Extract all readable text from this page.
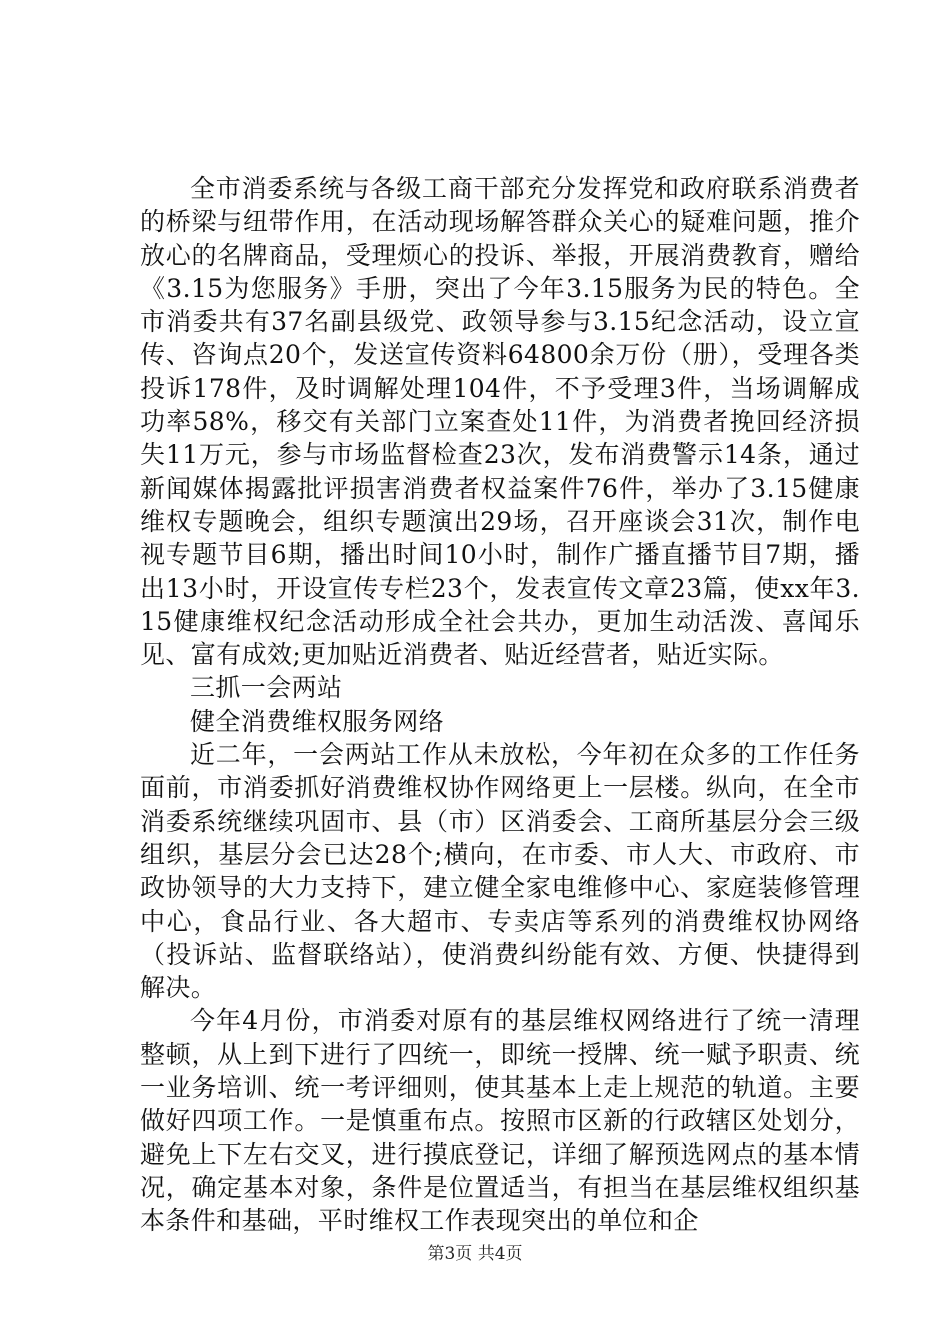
全市消委系统与各级工商干部充分发挥党和政府联系消费者的桥梁与纽带作用，在活动现场解答群众关心的疑难问题，推介放心的名牌商品，受理烦心的投诉、举报，开展消费教育，赠给《3.15为您服务》手册，突出了今年3.15服务为民的特色。全市消委共有37名副县级党、政领导参与3.15纪念活动，设立宣传、咨询点20个，发送宣传资料64800余万份（册），受理各类投诉178件，及时调解处理104件，不予受理3件，当场调解成功率58%，移交有关部门立案查处11件，为消费者挽回经济损失11万元，参与市场监督检查23次，发布消费警示14条，通过新闻媒体揭露批评损害消费者权益案件76件，举办了3.15健康维权专题晚会，组织专题演出29场，召开座谈会31次，制作电视专题节目6期，播出时间10小时，制作广播直播节目7期，播出13小时，开设宣传专栏23个，发表宣传文章23篇，使xx年3.15健康维权纪念活动形成全社会共办，更加生动活泼、喜闻乐见、富有成效;更加贴近消费者、贴近经营者，贴近实际。

三抓一会两站

健全消费维权服务网络

近二年，一会两站工作从未放松，今年初在众多的工作任务面前，市消委抓好消费维权协作网络更上一层楼。纵向，在全市消委系统继续巩固市、县（市）区消委会、工商所基层分会三级组织，基层分会已达28个;横向，在市委、市人大、市政府、市政协领导的大力支持下，建立健全家电维修中心、家庭装修管理中心，食品行业、各大超市、专卖店等系列的消费维权协网络（投诉站、监督联络站），使消费纠纷能有效、方便、快捷得到解决。

今年4月份，市消委对原有的基层维权网络进行了统一清理整顿，从上到下进行了四统一，即统一授牌、统一赋予职责、统一业务培训、统一考评细则，使其基本上走上规范的轨道。主要做好四项工作。一是慎重布点。按照市区新的行政辖区处划分，避免上下左右交叉，进行摸底登记，详细了解预选网点的基本情况，确定基本对象，条件是位置适当，有担当在基层维权组织基本条件和基础，平时维权工作表现突出的单位和企

第3页 共4页
